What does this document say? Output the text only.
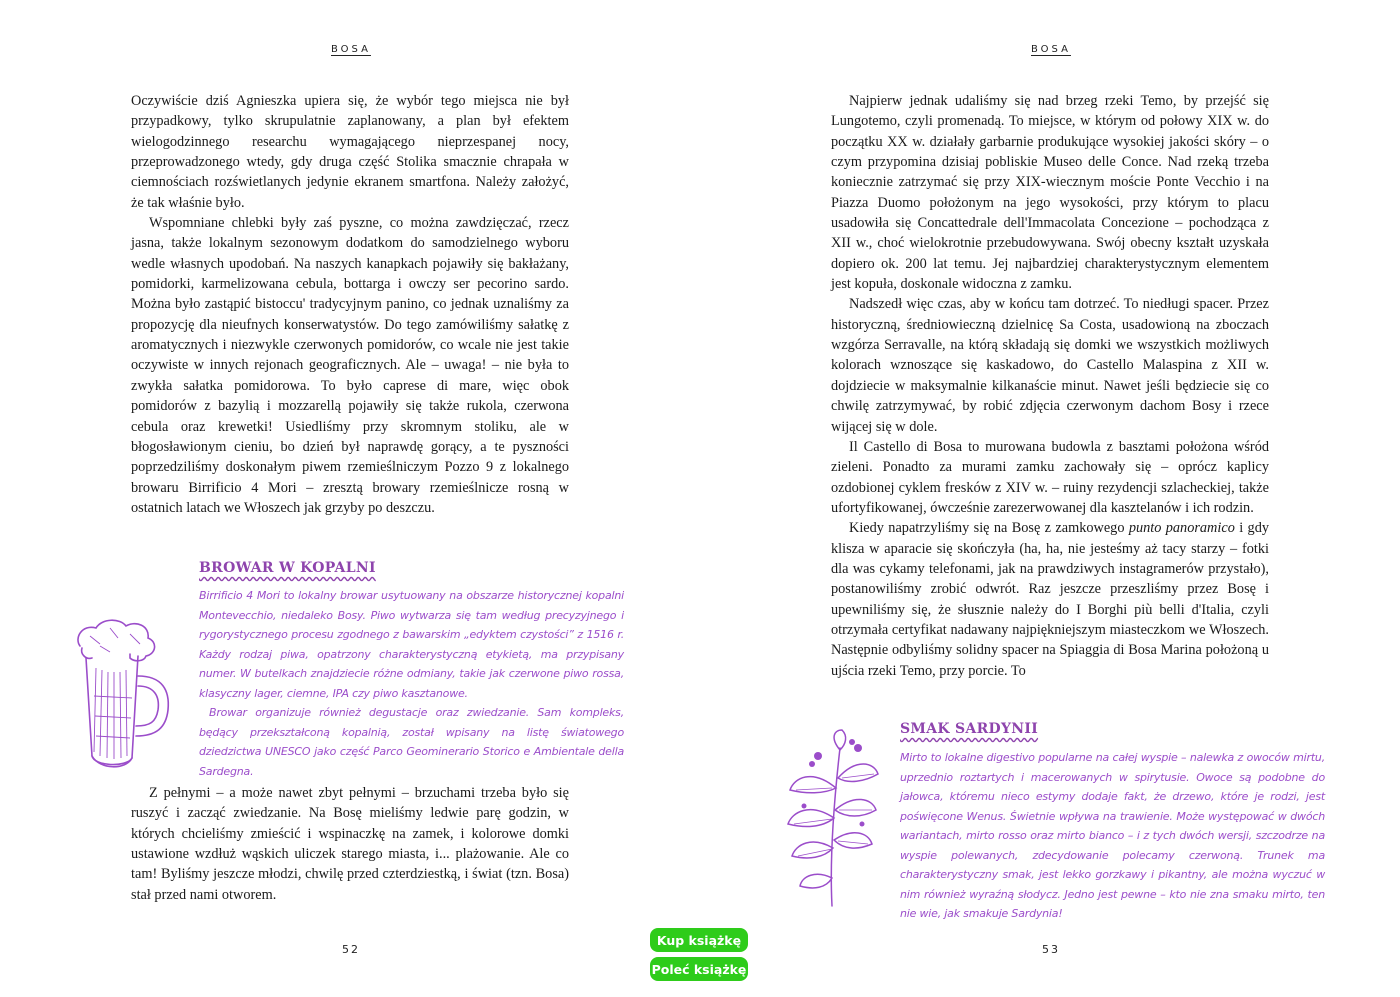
BOSA

Oczywiście dziś Agnieszka upiera się, że wybór tego miejsca nie był przypadkowy, tylko skrupulatnie zaplanowany, a plan był efektem wielogodzinnego researchu wymagającego nieprzespanej nocy, przeprowadzonego wtedy, gdy druga część Stolika smacznie chrapała w ciemnościach rozświetlanych jedynie ekranem smartfona. Należy założyć, że tak właśnie było.

Wspomniane chlebki były zaś pyszne, co można zawdzięczać, rzecz jasna, także lokalnym sezonowym dodatkom do samodzielnego wyboru wedle własnych upodobań. Na naszych kanapkach pojawiły się bakłażany, pomidorki, karmelizowana cebula, bottarga i owczy ser pecorino sardo. Można było zastąpić bistoccu' tradycyjnym panino, co jednak uznaliśmy za propozycję dla nieufnych konserwatystów. Do tego zamówiliśmy sałatkę z aromatycznych i niezwykle czerwonych pomidorów, co wcale nie jest takie oczywiste w innych rejonach geograficznych. Ale – uwaga! – nie była to zwykła sałatka pomidorowa. To było caprese di mare, więc obok pomidorów z bazylią i mozzarellą pojawiły się także rukola, czerwona cebula oraz krewetki! Usiedliśmy przy skromnym stoliku, ale w błogosławionym cieniu, bo dzień był naprawdę gorący, a te pyszności poprzedziliśmy doskonałym piwem rzemieślniczym Pozzo 9 z lokalnego browaru Birrificio 4 Mori – zresztą browary rzemieślnicze rosną w ostatnich latach we Włoszech jak grzyby po deszczu.

BROWAR W KOPALNI

Birrificio 4 Mori to lokalny browar usytuowany na obszarze historycznej kopalni Montevecchio, niedaleko Bosy. Piwo wytwarza się tam według precyzyjnego i rygorystycznego procesu zgodnego z bawarskim „edyktem czystości” z 1516 r. Każdy rodzaj piwa, opatrzony charakterystyczną etykietą, ma przypisany numer. W butelkach znajdziecie różne odmiany, takie jak czerwone piwo rossa, klasyczny lager, ciemne, IPA czy piwo kasztanowe.

Browar organizuje również degustacje oraz zwiedzanie. Sam kompleks, będący przekształconą kopalnią, został wpisany na listę światowego dziedzictwa UNESCO jako część Parco Geominerario Storico e Ambientale della Sardegna.

Z pełnymi – a może nawet zbyt pełnymi – brzuchami trzeba było się ruszyć i zacząć zwiedzanie. Na Bosę mieliśmy ledwie parę godzin, w których chcieliśmy zmieścić i wspinaczkę na zamek, i kolorowe domki ustawione wzdłuż wąskich uliczek starego miasta, i... plażowanie. Ale co tam! Byliśmy jeszcze młodzi, chwilę przed czterdziestką, i świat (tzn. Bosa) stał przed nami otworem.

52
BOSA

Najpierw jednak udaliśmy się nad brzeg rzeki Temo, by przejść się Lungotemo, czyli promenadą. To miejsce, w którym od połowy XIX w. do początku XX w. działały garbarnie produkujące wysokiej jakości skóry – o czym przypomina dzisiaj pobliskie Museo delle Conce. Nad rzeką trzeba koniecznie zatrzymać się przy XIX-wiecznym moście Ponte Vecchio i na Piazza Duomo położonym na jego wysokości, przy którym to placu usadowiła się Concattedrale dell'Immacolata Concezione – pochodząca z XII w., choć wielokrotnie przebudowywana. Swój obecny kształt uzyskała dopiero ok. 200 lat temu. Jej najbardziej charakterystycznym elementem jest kopuła, doskonale widoczna z zamku.

Nadszedł więc czas, aby w końcu tam dotrzeć. To niedługi spacer. Przez historyczną, średniowieczną dzielnicę Sa Costa, usadowioną na zboczach wzgórza Serravalle, na którą składają się domki we wszystkich możliwych kolorach wznoszące się kaskadowo, do Castello Malaspina z XII w. dojdziecie w maksymalnie kilkanaście minut. Nawet jeśli będziecie się co chwilę zatrzymywać, by robić zdjęcia czerwonym dachom Bosy i rzece wijącej się w dole.

Il Castello di Bosa to murowana budowla z basztami położona wśród zieleni. Ponadto za murami zamku zachowały się – oprócz kaplicy ozdobionej cyklem fresków z XIV w. – ruiny rezydencji szlacheckiej, także ufortyfikowanej, ówcześnie zarezerwowanej dla kasztelanów i ich rodzin.

Kiedy napatrzyliśmy się na Bosę z zamkowego punto panoramico i gdy klisza w aparacie się skończyła (ha, ha, nie jesteśmy aż tacy starzy – fotki dla was cykamy telefonami, jak na prawdziwych instagramerów przystało), postanowiliśmy zrobić odwrót. Raz jeszcze przeszliśmy przez Bosę i upewniliśmy się, że słusznie należy do I Borghi più belli d'Italia, czyli otrzymała certyfikat nadawany najpiękniejszym miasteczkom we Włoszech. Następnie odbyliśmy solidny spacer na Spiaggia di Bosa Marina położoną u ujścia rzeki Temo, przy porcie. To

SMAK SARDYNII

Mirto to lokalne digestivo popularne na całej wyspie – nalewka z owoców mirtu, uprzednio roztartych i macerowanych w spirytusie. Owoce są podobne do jałowca, któremu nieco estymy dodaje fakt, że drzewo, które je rodzi, jest poświęcone Wenus. Świetnie wpływa na trawienie. Może występować w dwóch wariantach, mirto rosso oraz mirto bianco – i z tych dwóch wersji, szczodrze na wyspie polewanych, zdecydowanie polecamy czerwoną. Trunek ma charakterystyczny smak, jest lekko gorzkawy i pikantny, ale można wyczuć w nim również wyraźną słodycz. Jedno jest pewne – kto nie zna smaku mirto, ten nie wie, jak smakuje Sardynia!

53
Kup książkę
Poleć książkę
